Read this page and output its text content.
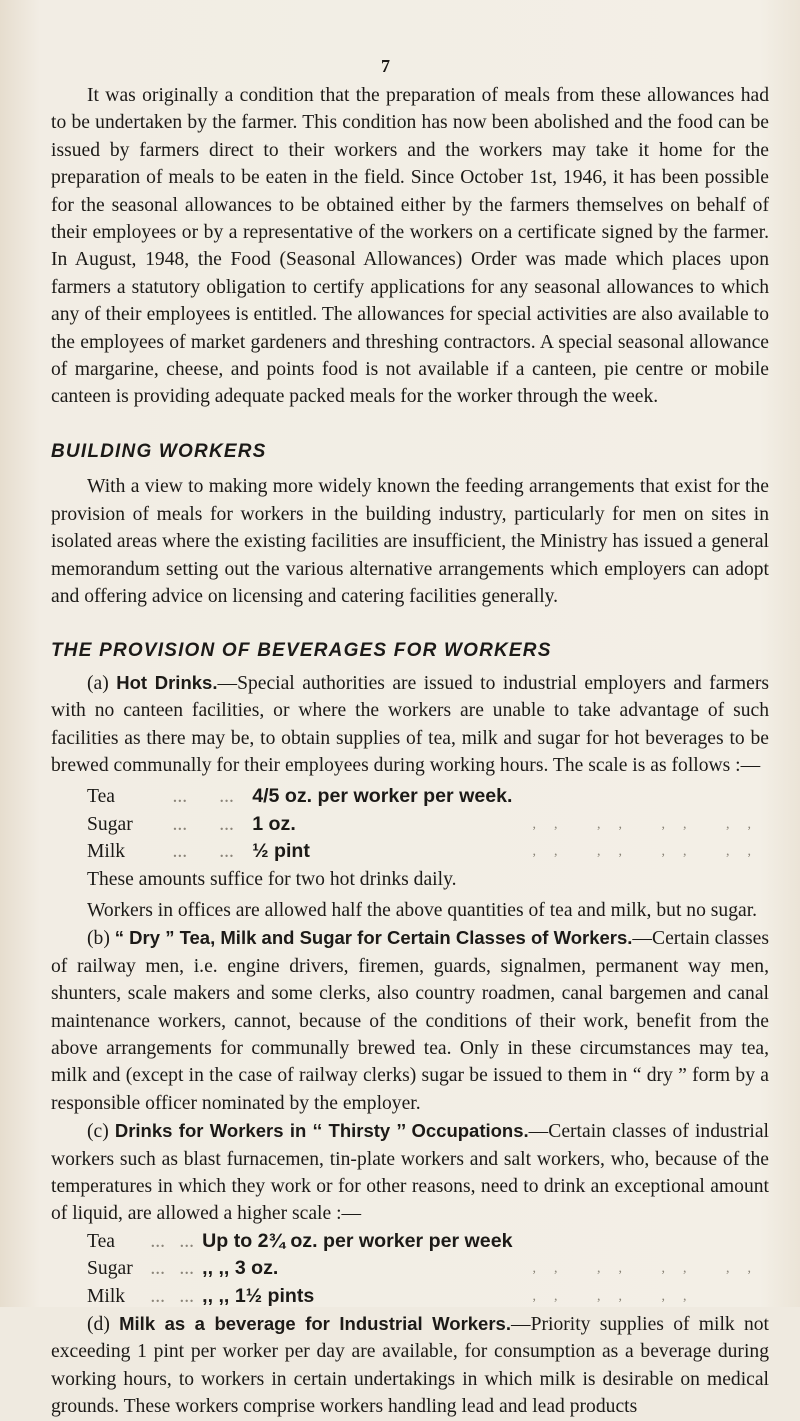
7

It was originally a condition that the preparation of meals from these allowances had to be undertaken by the farmer. This condition has now been abolished and the food can be issued by farmers direct to their workers and the workers may take it home for the preparation of meals to be eaten in the field. Since October 1st, 1946, it has been possible for the seasonal allowances to be obtained either by the farmers themselves on behalf of their employees or by a representative of the workers on a certificate signed by the farmer. In August, 1948, the Food (Seasonal Allowances) Order was made which places upon farmers a statutory obligation to certify applications for any seasonal allowances to which any of their employees is entitled. The allowances for special activities are also available to the employees of market gardeners and threshing contractors. A special seasonal allowance of margarine, cheese, and points food is not available if a canteen, pie centre or mobile canteen is providing adequate packed meals for the worker through the week.

BUILDING WORKERS

With a view to making more widely known the feeding arrangements that exist for the provision of meals for workers in the building industry, particularly for men on sites in isolated areas where the existing facilities are insufficient, the Ministry has issued a general memorandum setting out the various alternative arrangements which employers can adopt and offering advice on licensing and catering facilities generally.

THE PROVISION OF BEVERAGES FOR WORKERS

(a) Hot Drinks.—Special authorities are issued to industrial employers and farmers with no canteen facilities, or where the workers are unable to take advantage of such facilities as there may be, to obtain supplies of tea, milk and sugar for hot beverages to be brewed communally for their employees during working hours. The scale is as follows :—

Tea	...	...	4/5 oz. per worker per week.	
Sugar	...	...	1 oz.	,, ,, ,, ,,
Milk	...	...	½ pint	,, ,, ,, ,,

These amounts suffice for two hot drinks daily.

Workers in offices are allowed half the above quantities of tea and milk, but no sugar.

(b) “ Dry ” Tea, Milk and Sugar for Certain Classes of Workers.—Certain classes of railway men, i.e. engine drivers, firemen, guards, signalmen, permanent way men, shunters, scale makers and some clerks, also country roadmen, canal bargemen and canal maintenance workers, cannot, because of the conditions of their work, benefit from the above arrangements for communally brewed tea. Only in these circumstances may tea, milk and (except in the case of railway clerks) sugar be issued to them in “ dry ” form by a responsible officer nominated by the employer.

(c) Drinks for Workers in ‘‘ Thirsty ’’ Occupations.—Certain classes of industrial workers such as blast furnacemen, tin-plate workers and salt workers, who, because of the temperatures in which they work or for other reasons, need to drink an exceptional amount of liquid, are allowed a higher scale :—

Tea	...	...	Up to 2¾ oz. per worker per week	
Sugar	...	...	,, ,, 3 oz.	,, ,, ,, ,,
Milk	...	...	,, ,, 1½ pints	,, ,, ,,

(d) Milk as a beverage for Industrial Workers.—Priority supplies of milk not exceeding 1 pint per worker per day are available, for consumption as a beverage during working hours, to workers in certain undertakings in which milk is desirable on medical grounds. These workers comprise workers handling lead and lead products
